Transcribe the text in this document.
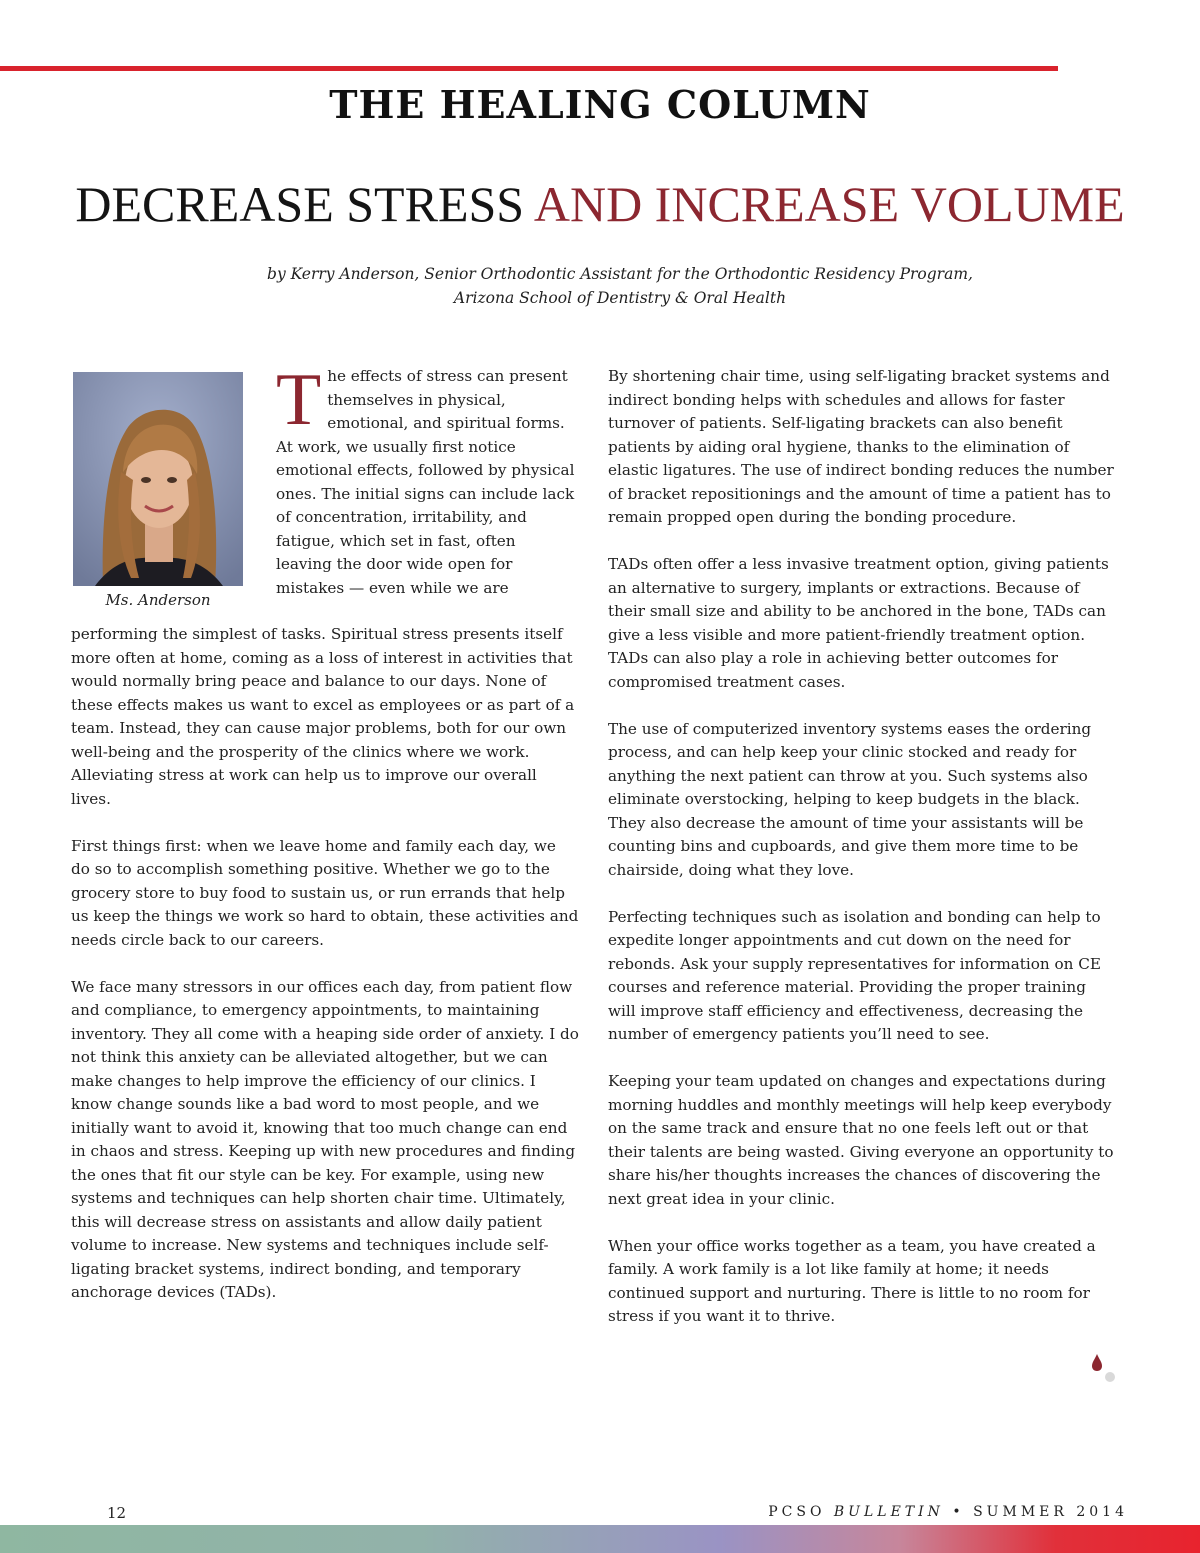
THE HEALING COLUMN
DECREASE STRESS AND INCREASE VOLUME
by Kerry Anderson, Senior Orthodontic Assistant for the Orthodontic Residency Program,
Arizona School of Dentistry & Oral Health
Ms. Anderson
The effects of stress can present themselves in physical, emotional, and spiritual forms. At work, we usually first notice emotional effects, followed by physical ones. The initial signs can include lack of concentration, irritability, and fatigue, which set in fast, often leaving the door wide open for mistakes — even while we are

performing the simplest of tasks. Spiritual stress presents itself more often at home, coming as a loss of interest in activities that would normally bring peace and balance to our days. None of these effects makes us want to excel as employees or as part of a team. Instead, they can cause major problems, both for our own well-being and the prosperity of the clinics where we work. Alleviating stress at work can help us to improve our overall lives.

First things first: when we leave home and family each day, we do so to accomplish something positive. Whether we go to the grocery store to buy food to sustain us, or run errands that help us keep the things we work so hard to obtain, these activities and needs circle back to our careers.

We face many stressors in our offices each day, from patient flow and compliance, to emergency appointments, to maintaining inventory. They all come with a heaping side order of anxiety. I do not think this anxiety can be alleviated altogether, but we can make changes to help improve the efficiency of our clinics. I know change sounds like a bad word to most people, and we initially want to avoid it, knowing that too much change can end in chaos and stress. Keeping up with new procedures and finding the ones that fit our style can be key. For example, using new systems and techniques can help shorten chair time. Ultimately, this will decrease stress on assistants and allow daily patient volume to increase. New systems and techniques include self-ligating bracket systems, indirect bonding, and temporary anchorage devices (TADs).

By shortening chair time, using self-ligating bracket systems and indirect bonding helps with schedules and allows for faster turnover of patients. Self-ligating brackets can also benefit patients by aiding oral hygiene, thanks to the elimination of elastic ligatures. The use of indirect bonding reduces the number of bracket repositionings and the amount of time a patient has to remain propped open during the bonding procedure.

TADs often offer a less invasive treatment option, giving patients an alternative to surgery, implants or extractions. Because of their small size and ability to be anchored in the bone, TADs can give a less visible and more patient-friendly treatment option. TADs can also play a role in achieving better outcomes for compromised treatment cases.

The use of computerized inventory systems eases the ordering process, and can help keep your clinic stocked and ready for anything the next patient can throw at you. Such systems also eliminate overstocking, helping to keep budgets in the black. They also decrease the amount of time your assistants will be counting bins and cupboards, and give them more time to be chairside, doing what they love.

Perfecting techniques such as isolation and bonding can help to expedite longer appointments and cut down on the need for rebonds. Ask your supply representatives for information on CE courses and reference material. Providing the proper training will improve staff efficiency and effectiveness, decreasing the number of emergency patients you’ll need to see.

Keeping your team updated on changes and expectations during morning huddles and monthly meetings will help keep everybody on the same track and ensure that no one feels left out or that their talents are being wasted. Giving everyone an opportunity to share his/her thoughts increases the chances of discovering the next great idea in your clinic.

When your office works together as a team, you have created a family. A work family is a lot like family at home; it needs continued support and nurturing. There is little to no room for stress if you want it to thrive.

12	PCSO BULLETIN • SUMMER 2014
